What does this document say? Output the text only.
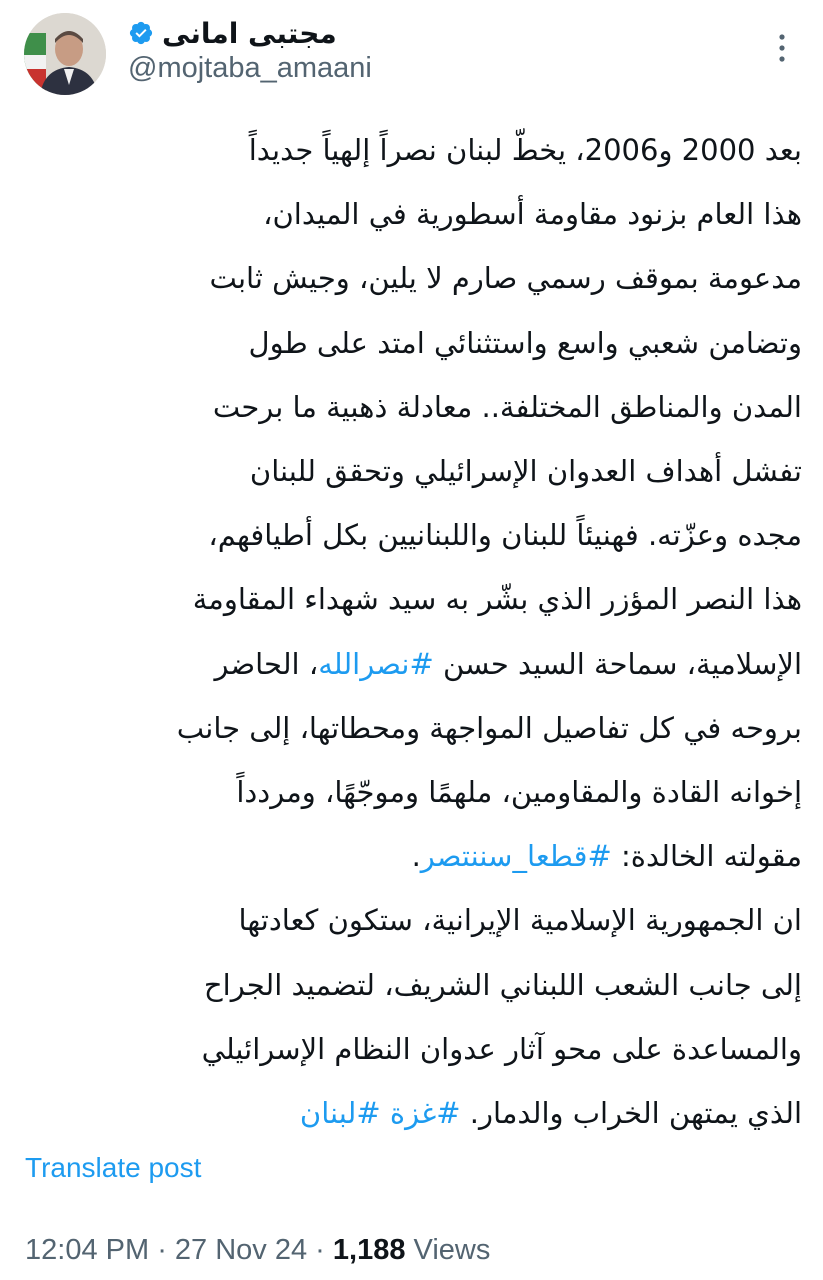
مجتبی امانی
@mojtaba_amaani
بعد 2000 و2006، يخطّ لبنان نصراً إلهياً جديداً
هذا العام بزنود مقاومة أسطورية في الميدان،
مدعومة بموقف رسمي صارم لا يلين، وجيش ثابت
وتضامن شعبي واسع واستثنائي امتد على طول
المدن والمناطق المختلفة.. معادلة ذهبية ما برحت
تفشل أهداف العدوان الإسرائيلي وتحقق للبنان
مجده وعزّته. فهنيئاً للبنان واللبنانيين بكل أطيافهم،
هذا النصر المؤزر الذي بشّر به سيد شهداء المقاومة
الإسلامية، سماحة السيد حسن #نصرالله، الحاضر
بروحه في كل تفاصيل المواجهة ومحطاتها، إلى جانب
إخوانه القادة والمقاومين، ملهمًا وموجّهًا، ومردداً
مقولته الخالدة: #قطعا_سننتصر.
ان الجمهورية الإسلامية الإيرانية، ستكون كعادتها
إلى جانب الشعب اللبناني الشريف، لتضميد الجراح
والمساعدة على محو آثار عدوان النظام الإسرائيلي
الذي يمتهن الخراب والدمار. #غزة #لبنان
Translate post
12:04 PM · 27 Nov 24 · 1,188 Views
